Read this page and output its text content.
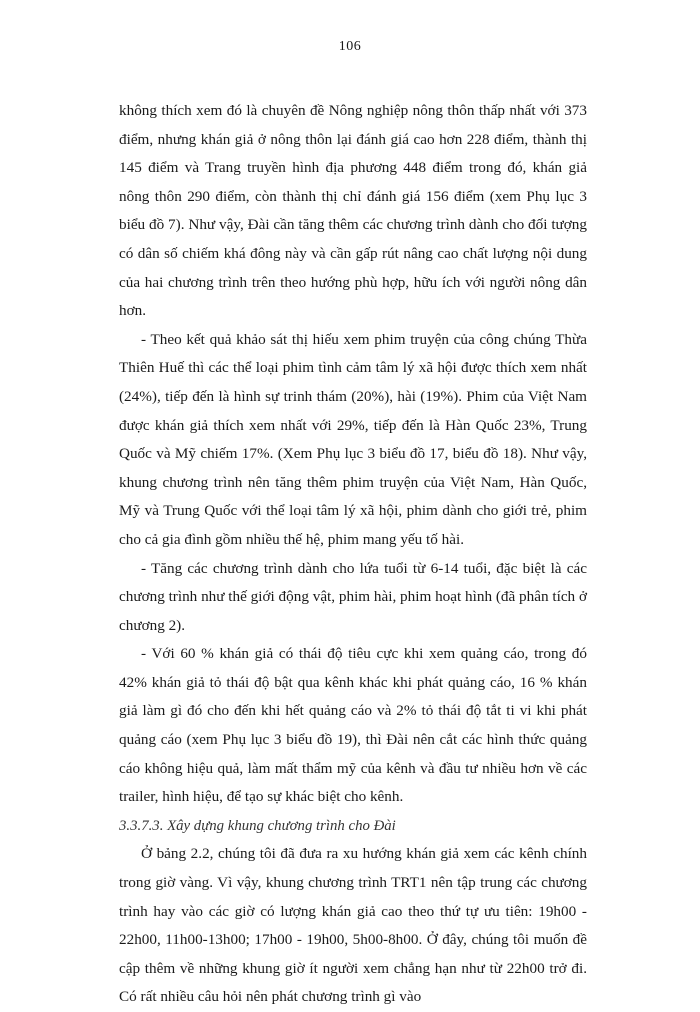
106

không thích xem đó là chuyên đề Nông nghiệp nông thôn thấp nhất với 373 điểm, nhưng khán giả ở nông thôn lại đánh giá cao hơn 228 điểm, thành thị 145 điểm và Trang truyền hình địa phương 448 điểm trong đó, khán giả nông thôn 290 điểm, còn thành thị chỉ đánh giá 156 điểm (xem Phụ lục 3 biểu đồ 7). Như vậy, Đài cần tăng thêm các chương trình dành cho đối tượng có dân số chiếm khá đông này và cần gấp rút nâng cao chất lượng nội dung của hai chương trình trên theo hướng phù hợp, hữu ích với người nông dân hơn.

- Theo kết quả khảo sát thị hiếu xem phim truyện của công chúng Thừa Thiên Huế thì các thể loại phim tình cảm tâm lý xã hội được thích xem nhất (24%), tiếp đến là hình sự trinh thám (20%), hài (19%). Phim của Việt Nam được khán giả thích xem nhất với 29%, tiếp đến là Hàn Quốc 23%, Trung Quốc và Mỹ chiếm 17%. (Xem Phụ lục 3 biểu đồ 17, biểu đồ 18). Như vậy, khung chương trình nên tăng thêm phim truyện của Việt Nam, Hàn Quốc, Mỹ và Trung Quốc với thể loại tâm lý xã hội, phim dành cho giới trẻ, phim cho cả gia đình gồm nhiều thế hệ, phim mang yếu tố hài.

- Tăng các chương trình dành cho lứa tuổi từ 6-14 tuổi, đặc biệt là các chương trình như thế giới động vật, phim hài, phim hoạt hình (đã phân tích ở chương 2).

- Với 60 % khán giả có thái độ tiêu cực khi xem quảng cáo, trong đó 42% khán giả tỏ thái độ bật qua kênh khác khi phát quảng cáo, 16 % khán giả làm gì đó cho đến khi hết quảng cáo và 2% tỏ thái độ tắt ti vi khi phát quảng cáo (xem Phụ lục 3 biểu đồ 19), thì Đài nên cắt các hình thức quảng cáo không hiệu quả, làm mất thẩm mỹ của kênh và đầu tư nhiều hơn về các trailer, hình hiệu, để tạo sự khác biệt cho kênh.

3.3.7.3. Xây dựng khung chương trình cho Đài

Ở bảng 2.2, chúng tôi đã đưa ra xu hướng khán giả xem các kênh chính trong giờ vàng. Vì vậy, khung chương trình TRT1 nên tập trung các chương trình hay vào các giờ có lượng khán giả cao theo thứ tự ưu tiên: 19h00 - 22h00, 11h00-13h00; 17h00 - 19h00, 5h00-8h00. Ở đây, chúng tôi muốn đề cập thêm về những khung giờ ít người xem chẳng hạn như từ 22h00 trở đi. Có rất nhiều câu hỏi nên phát chương trình gì vào
